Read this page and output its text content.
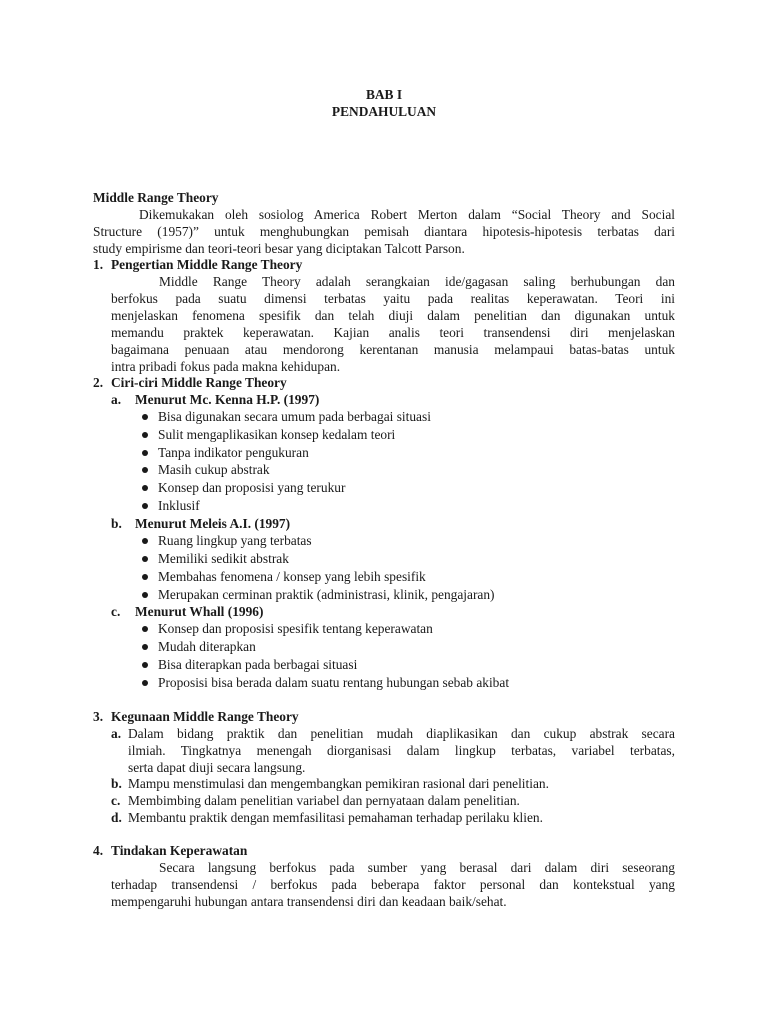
BAB I
PENDAHULUAN
Middle Range Theory
Dikemukakan oleh sosiolog America Robert Merton dalam “Social Theory and Social
Structure (1957)” untuk menghubungkan pemisah diantara hipotesis-hipotesis terbatas dari
study empirisme dan teori-teori besar yang diciptakan Talcott Parson.
1. Pengertian Middle Range Theory
Middle Range Theory adalah serangkaian ide/gagasan saling berhubungan dan
berfokus pada suatu dimensi terbatas yaitu pada realitas keperawatan. Teori ini
menjelaskan fenomena spesifik dan telah diuji dalam penelitian dan digunakan untuk
memandu praktek keperawatan. Kajian analis teori transendensi diri menjelaskan
bagaimana penuaan atau mendorong kerentanan manusia melampaui batas-batas untuk
intra pribadi fokus pada makna kehidupan.
2. Ciri-ciri Middle Range Theory
a. Menurut Mc. Kenna H.P. (1997)
Bisa digunakan secara umum pada berbagai situasi
Sulit mengaplikasikan konsep kedalam teori
Tanpa indikator pengukuran
Masih cukup abstrak
Konsep dan proposisi yang terukur
Inklusif
b. Menurut Meleis A.I. (1997)
Ruang lingkup yang terbatas
Memiliki sedikit abstrak
Membahas fenomena / konsep yang lebih spesifik
Merupakan cerminan praktik (administrasi, klinik, pengajaran)
c. Menurut Whall (1996)
Konsep dan proposisi spesifik tentang keperawatan
Mudah diterapkan
Bisa diterapkan pada berbagai situasi
Proposisi bisa berada dalam suatu rentang hubungan sebab akibat
3. Kegunaan Middle Range Theory
a. Dalam bidang praktik dan penelitian mudah diaplikasikan dan cukup abstrak secara
ilmiah. Tingkatnya menengah diorganisasi dalam lingkup terbatas, variabel terbatas,
serta dapat diuji secara langsung.
b. Mampu menstimulasi dan mengembangkan pemikiran rasional dari penelitian.
c. Membimbing dalam penelitian variabel dan pernyataan dalam penelitian.
d. Membantu praktik dengan memfasilitasi pemahaman terhadap perilaku klien.
4. Tindakan Keperawatan
Secara langsung berfokus pada sumber yang berasal dari dalam diri seseorang
terhadap transendensi / berfokus pada beberapa faktor personal dan kontekstual yang
mempengaruhi hubungan antara transendensi diri dan keadaan baik/sehat.
